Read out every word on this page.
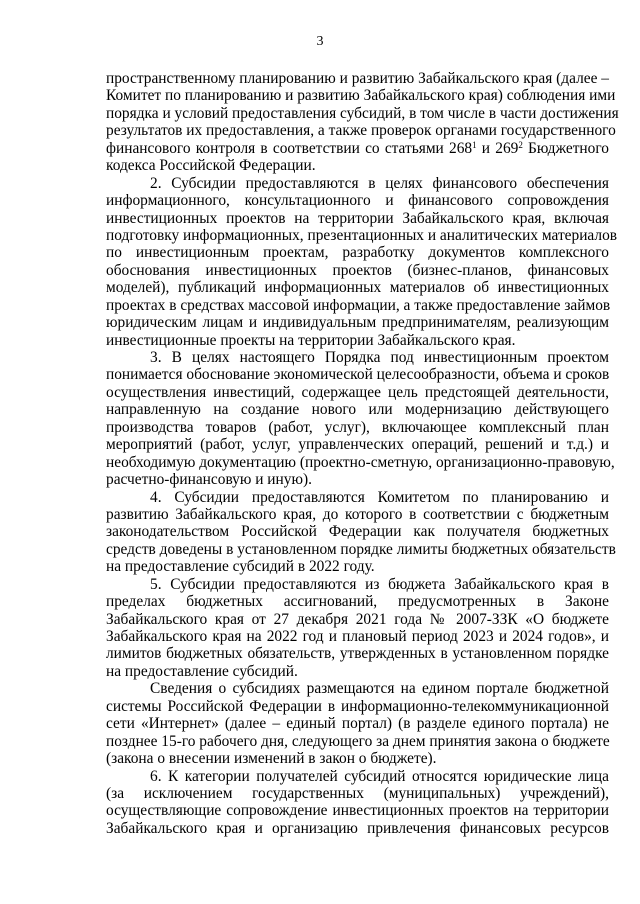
3
пространственному планированию и развитию Забайкальского края (далее –
Комитет по планированию и развитию Забайкальского края) соблюдения ими
порядка и условий предоставления субсидий, в том числе в части достижения
результатов их предоставления, а также проверок органами государственного
финансового контроля в соответствии со статьями $268^1$ и $269^2$ Бюджетного
кодекса Российской Федерации.
2. Субсидии предоставляются в целях финансового обеспечения
информационного, консультационного и финансового сопровождения
инвестиционных проектов на территории Забайкальского края, включая
подготовку информационных, презентационных и аналитических материалов
по инвестиционным проектам, разработку документов комплексного
обоснования инвестиционных проектов (бизнес-планов, финансовых
моделей), публикаций информационных материалов об инвестиционных
проектах в средствах массовой информации, а также предоставление займов
юридическим лицам и индивидуальным предпринимателям, реализующим
инвестиционные проекты на территории Забайкальского края.
3. В целях настоящего Порядка под инвестиционным проектом
понимается обоснование экономической целесообразности, объема и сроков
осуществления инвестиций, содержащее цель предстоящей деятельности,
направленную на создание нового или модернизацию действующего
производства товаров (работ, услуг), включающее комплексный план
мероприятий (работ, услуг, управленческих операций, решений и т.д.) и
необходимую документацию (проектно-сметную, организационно-правовую,
расчетно-финансовую и иную).
4. Субсидии предоставляются Комитетом по планированию и
развитию Забайкальского края, до которого в соответствии с бюджетным
законодательством Российской Федерации как получателя бюджетных
средств доведены в установленном порядке лимиты бюджетных обязательств
на предоставление субсидий в 2022 году.
5. Субсидии предоставляются из бюджета Забайкальского края в
пределах бюджетных ассигнований, предусмотренных в Законе
Забайкальского края от 27 декабря 2021 года № 2007-ЗЗК «О бюджете
Забайкальского края на 2022 год и плановый период 2023 и 2024 годов», и
лимитов бюджетных обязательств, утвержденных в установленном порядке
на предоставление субсидий.
Сведения о субсидиях размещаются на едином портале бюджетной
системы Российской Федерации в информационно-телекоммуникационной
сети «Интернет» (далее – единый портал) (в разделе единого портала) не
позднее 15-го рабочего дня, следующего за днем принятия закона о бюджете
(закона о внесении изменений в закон о бюджете).
6. К категории получателей субсидий относятся юридические лица
(за исключением государственных (муниципальных) учреждений),
осуществляющие сопровождение инвестиционных проектов на территории
Забайкальского края и организацию привлечения финансовых ресурсов
